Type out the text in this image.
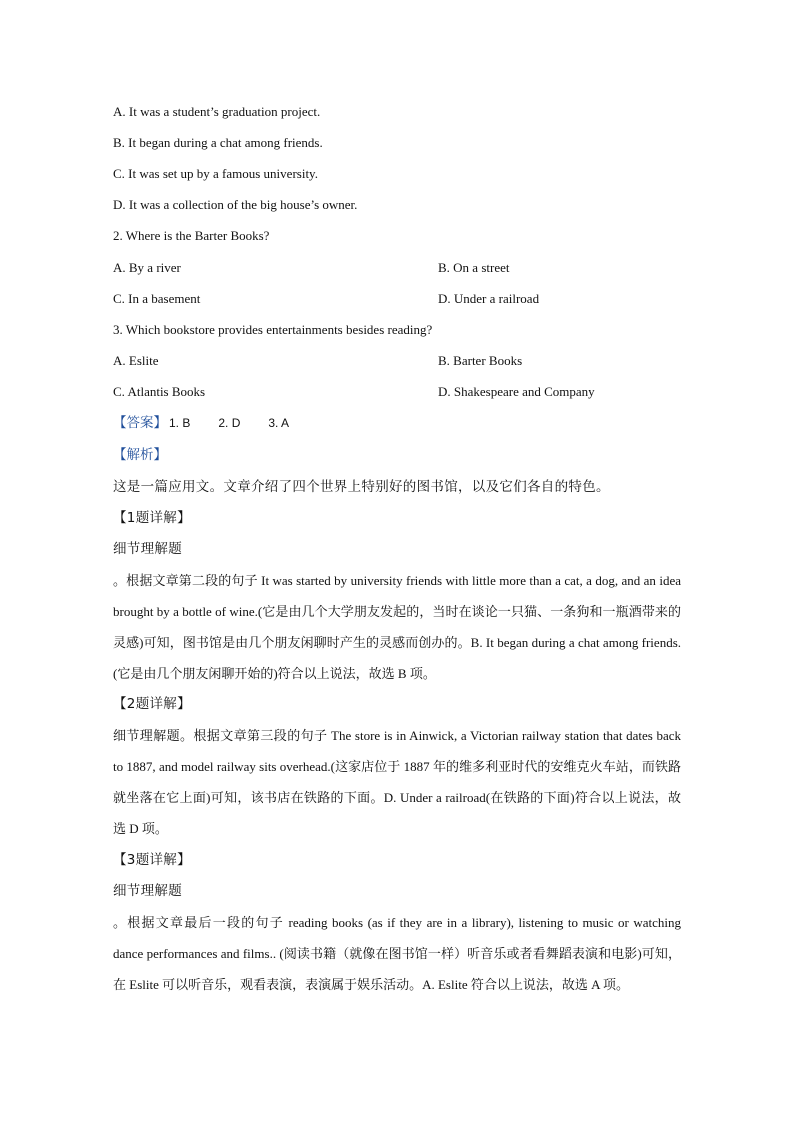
A. It was a student’s graduation project.
B. It began during a chat among friends.
C. It was set up by a famous university.
D. It was a collection of the big house’s owner.
2. Where is the Barter Books?
A. By a river	B. On a street
C. In a basement	D. Under a railroad
3. Which bookstore provides entertainments besides reading?
A. Eslite	B. Barter Books
C. Atlantis Books	D. Shakespeare and Company
【答案】 1. B 2. D 3. A
【解析】
这是一篇应用文。文章介绍了四个世界上特别好的图书馆，以及它们各自的特色。
【1题详解】
细节理解题
。根据文章第二段的句子 It was started by university friends with little more than a cat, a dog, and an idea brought by a bottle of wine.(它是由几个大学朋友发起的，当时在谈论一只猫、一条狗和一瓶酒带来的灵感)可知，图书馆是由几个朋友闲聊时产生的灵感而创办的。B. It began during a chat among friends.(它是由几个朋友闲聊开始的)符合以上说法，故选 B 项。
【2题详解】
细节理解题。根据文章第三段的句子 The store is in Ainwick, a Victorian railway station that dates back to 1887, and model railway sits overhead.(这家店位于 1887 年的维多利亚时代的安维克火车站，而铁路就坐落在它上面)可知，该书店在铁路的下面。D. Under a railroad(在铁路的下面)符合以上说法，故选 D 项。
【3题详解】
细节理解题
。根据文章最后一段的句子 reading books (as if they are in a library), listening to music or watching dance performances and films.. (阅读书籍（就像在图书馆一样）听音乐或者看舞蹈表演和电影)可知，在 Eslite 可以听音乐，观看表演，表演属于娱乐活动。A. Eslite 符合以上说法，故选 A 项。
